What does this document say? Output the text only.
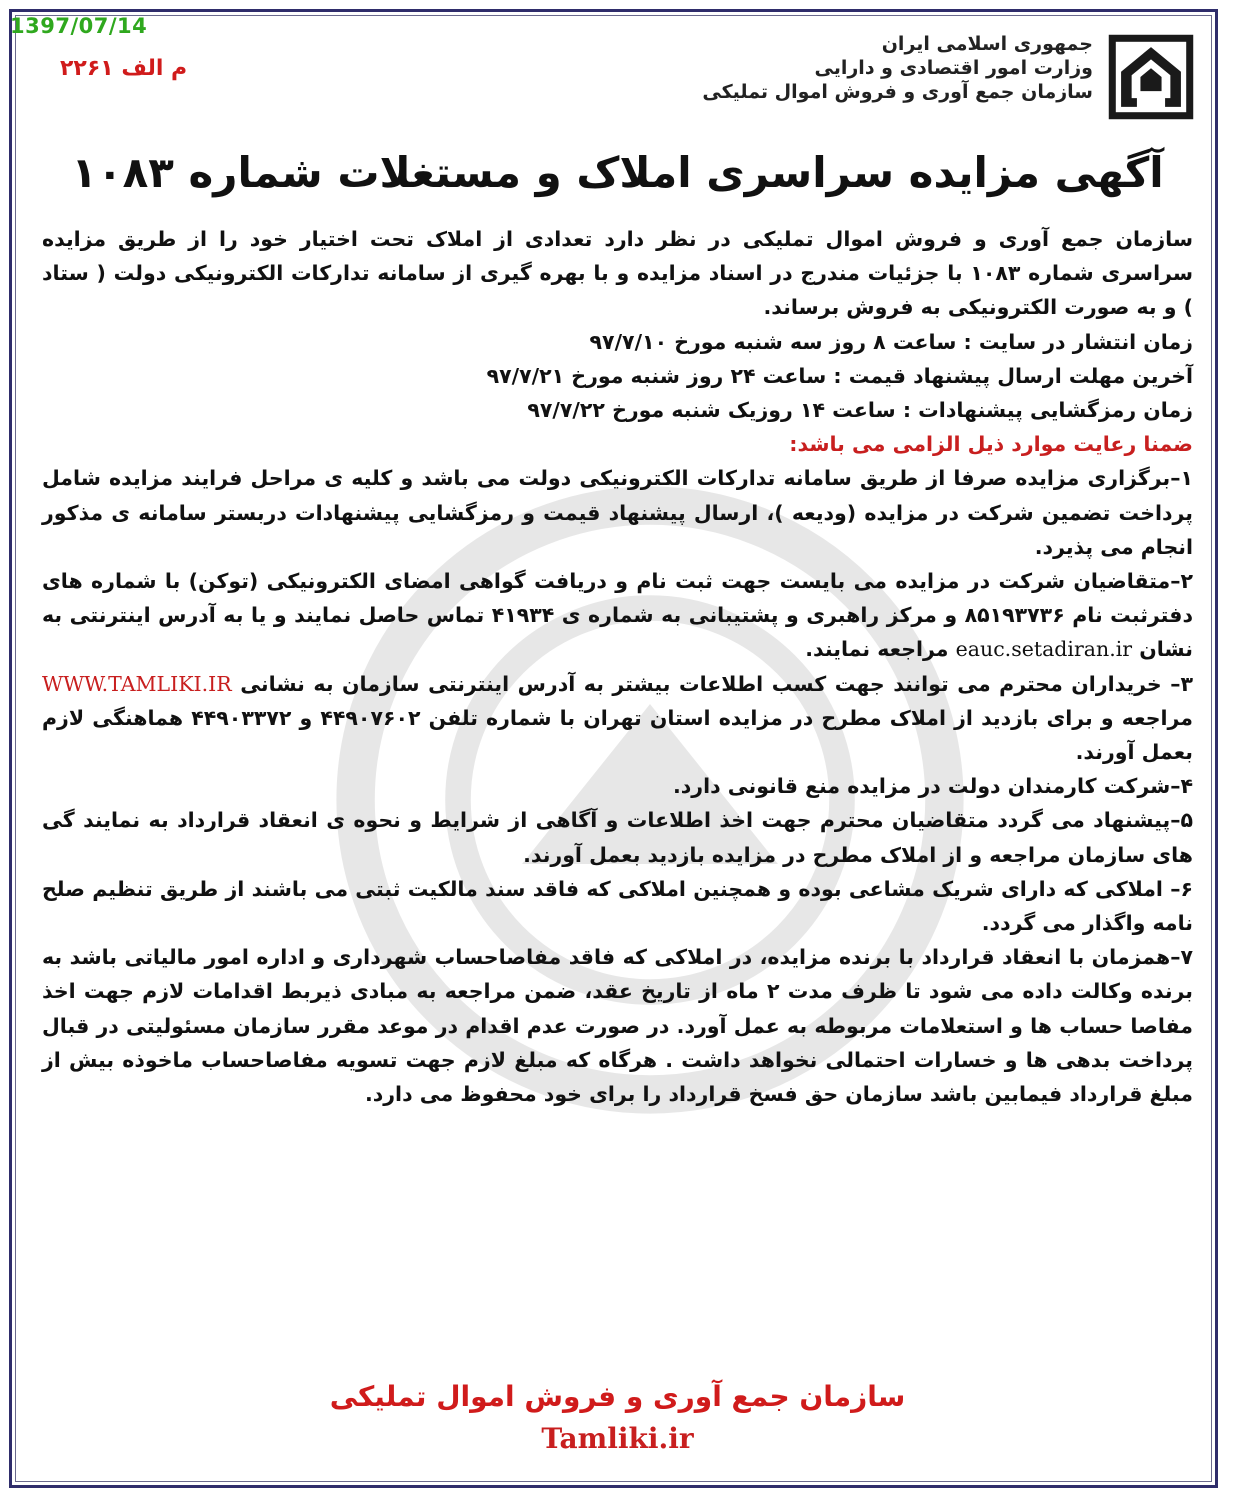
1397/07/14
م الف ۲۲۶۱
جمهوری اسلامی ایران
وزارت امور اقتصادی و دارایی
سازمان جمع آوری و فروش اموال تملیکی
آگهی مزایده سراسری املاک و مستغلات شماره ۱۰۸۳

سازمان جمع آوری و فروش اموال تملیکی در نظر دارد تعدادی از املاک تحت اختیار خود را از طریق مزایده سراسری شماره ۱۰۸۳ با جزئیات مندرج در اسناد مزایده و با بهره گیری از سامانه تدارکات الکترونیکی دولت ( ستاد ) و به صورت الکترونیکی به فروش برساند.

زمان انتشار در سایت : ساعت ۸ روز سه شنبه مورخ ۹۷/۷/۱۰

آخرین مهلت ارسال پیشنهاد قیمت : ساعت ۲۴ روز شنبه مورخ ۹۷/۷/۲۱

زمان رمزگشایی پیشنهادات : ساعت ۱۴ روزیک شنبه مورخ ۹۷/۷/۲۲

ضمنا رعایت موارد ذیل الزامی می باشد:

۱–برگزاری مزایده صرفا از طریق سامانه تدارکات الکترونیکی دولت می باشد و کلیه ی مراحل فرایند مزایده شامل پرداخت تضمین شرکت در مزایده (ودیعه )، ارسال پیشنهاد قیمت و رمزگشایی پیشنهادات دربستر سامانه ی مذکور انجام می پذیرد.

۲–متقاضیان شرکت در مزایده می بایست جهت ثبت نام و دریافت گواهی امضای الکترونیکی (توکن) با شماره های دفترثبت نام ۸۵۱۹۳۷۳۶ و مرکز راهبری و پشتیبانی به شماره ی ۴۱۹۳۴ تماس حاصل نمایند و یا به آدرس اینترنتی به نشان eauc.setadiran.ir مراجعه نمایند.

۳– خریداران محترم می توانند جهت کسب اطلاعات بیشتر به آدرس اینترنتی سازمان به نشانی WWW.TAMLIKI.IR مراجعه و برای بازدید از املاک مطرح در مزایده استان تهران با شماره تلفن ۴۴۹۰۷۶۰۲ و ۴۴۹۰۳۳۷۲ هماهنگی لازم بعمل آورند.

۴–شرکت کارمندان دولت در مزایده منع قانونی دارد.

۵–پیشنهاد می گردد متقاضیان محترم جهت اخذ اطلاعات و آگاهی از شرایط و نحوه ی انعقاد قرارداد به نمایند گی های سازمان مراجعه و از املاک مطرح در مزایده بازدید بعمل آورند.

۶– املاکی که دارای شریک مشاعی بوده و همچنین املاکی که فاقد سند مالکیت ثبتی می باشند از طریق تنظیم صلح نامه واگذار می گردد.

۷–همزمان با انعقاد قرارداد با برنده مزایده، در املاکی که فاقد مفاصاحساب شهرداری و اداره امور مالیاتی باشد به برنده وکالت داده می شود تا ظرف مدت ۲ ماه از تاریخ عقد، ضمن مراجعه به مبادی ذیربط اقدامات لازم جهت اخذ مفاصا حساب ها و استعلامات مربوطه به عمل آورد. در صورت عدم اقدام در موعد مقرر سازمان مسئولیتی در قبال پرداخت بدهی ها و خسارات احتمالی نخواهد داشت . هرگاه که مبلغ لازم جهت تسویه مفاصاحساب ماخوذه بیش از مبلغ قرارداد فیمابین باشد سازمان حق فسخ قرارداد را برای خود محفوظ می دارد.

سازمان جمع آوری و فروش اموال تملیکی
Tamliki.ir
